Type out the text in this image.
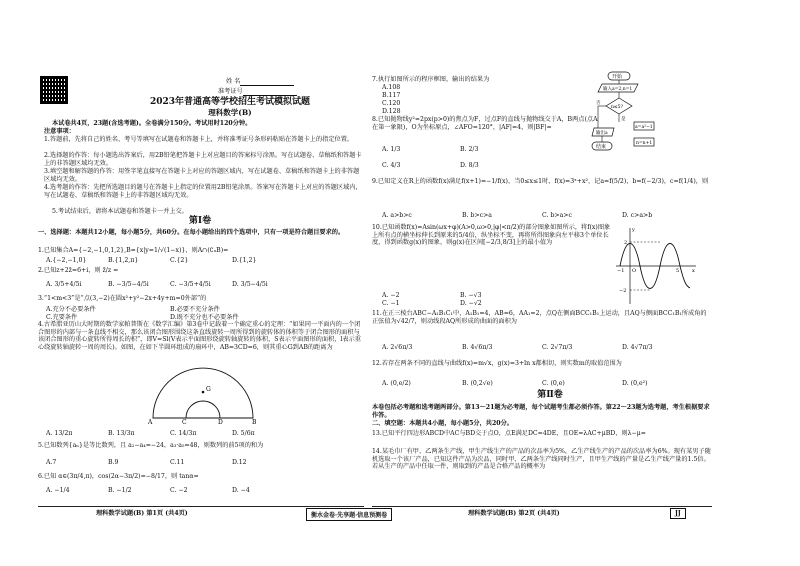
姓 名
准考证号
2023年普通高等学校招生考试模拟试题
理科数学(B)
本试卷共4页，23题(含选考题)。全卷满分150分。考试用时120分钟。
注意事项：
1.答题前，先将自己的姓名、考号等填写在试题卷和答题卡上，并将准考证号条形码粘贴在答题卡上的指定位置。
2.选择题的作答：每小题选出答案后，用2B铅笔把答题卡上对应题目的答案标号涂黑。写在试题卷、草稿纸和答题卡上的非答题区域均无效。
3.填空题和解答题的作答：用签字笔直接写在答题卡上对应的答题区域内，写在试题卷、草稿纸和答题卡上的非答题区域均无效。
4.选考题的作答：先把所选题目的题号在答题卡上指定的位置用2B铅笔涂黑。答案写在答题卡上对应的答题区域内，写在试题卷、草稿纸和答题卡上的非答题区域均无效。
5.考试结束后，请将本试题卷和答题卡一并上交。
第Ⅰ卷
一、选择题：本题共12小题，每小题5分，共60分。在每小题给出的四个选项中，只有一项是符合题目要求的。
1.已知集合A={−2,−1,0,1,2},B={x|y=1/√(1−x)}，则A∩(∁ᵤB)=
A.{−2,−1,0}	B.{1,2,π}	C.{2}	D.{1,2}
2.已知z+2z̄=6+i，则 z̄/z =
A. 3/5+4/5i	B. −3/5−4/5i	C. −3/5+4/5i	D. 3/5−4/5i
3.“1<m<3”是“点(3,−2)在圆x²+y²−2x+4y+m=0外部”的
A.充分不必要条件	B.必要不充分条件
C.充要条件	D.既不充分也不必要条件
4.古希腊亚历山大时期的数学家帕普斯在《数学汇编》第3卷中记载着一个确定重心的定理：“如果同一平面内的一个闭合图形的内部与一条直线不相交，那么该闭合图形围绕这条直线旋转一周所得到的旋转体的体积等于闭合图形的面积与该闭合图形的重心旋转所得周长的积”，即V=Sl(V表示平面图形绕旋转轴旋转的体积，S表示平面图形的面积，l表示重心绕旋转轴旋转一周的周长)。如图，在如下半圆环组成的扇环中，AB=3CD=6，则其重心G到AB的距离为
A	B
C	D
G
A. 13/2π	B. 13/3π	C. 14/3π	D. 5/6π
5.已知数列{aₙ}是等比数列，且 a₂−a₄=−24，a₃·a₅=48，则数列的前5项的和为
A.7	B.9	C.11	D.12
6.已知 α∈(3π/4,π)，cos(2α−3π/2)=−8/17，则 tanα=
A. −1/4	B. −1/2	C. −2	D. −4
理科数学试题(B) 第1页 (共4页)	衡水金卷·先享题·信息预测卷
7.执行如图所示的程序框图，输出的结果为
A.108
B.117
C.120
D.128
开始
输入a=2,n=1
n≤5?
否
是
a=a²−1
n=n+1
输出a
结束
8.已知抛物线y²=2px(p>0)的焦点为F，过点F的直线与抛物线交于A，B两点(点A在第一象限)，O为坐标原点，∠AFO=120°，|AF|=4，则|BF|=
A. 1/3	B. 2/3
C. 4/3	D. 8/3
9.已知定义在R上的函数f(x)满足f(x+1)=−1/f(x)，当0≤x≤1时，f(x)=3ˣ+x²，记a=f(5/2)，b=f(−2/3)，c=f(1/4)，则
A. a>b>c	B. b>c>a	C. b>a>c	D. c>a>b
10.已知函数f(x)=Asin(ωx+φ)(A>0,ω>0,|φ|<π/2)的部分图象如图所示，将f(x)图象上所有点的横坐标伸长到原来的5/4倍，纵坐标不变，再将所得图象向左平移3个单位长度，得到函数g(x)的图象，则g(x)在区间[−2/3,8/3]上的最小值为
A. −2	B. −√3
C. −1	D. −√2
2
−2
O
−1	5	x
y
11.在正三棱台ABC−A₁B₁C₁中，A₁B₁=4，AB=6，AA₁=2，点Q在侧面BCC₁B₁上运动，且AQ与侧面BCC₁B₁所成角的正弦值为√42/7，则动线段AQ所形成的曲面的面积为
A. 2√6π/3	B. 4√6π/3	C. 2√7π/3	D. 4√7π/3
12.若存在两条不同的直线与曲线f(x)=m√x，g(x)=3+ln x都相切，则实数m的取值范围为
A. (0,e/2)	B. (0,2√e)	C. (0,e)	D. (0,e²)
第Ⅱ卷
本卷包括必考题和选考题两部分。第13～21题为必考题，每个试题考生都必须作答。第22～23题为选考题，考生根据要求作答。
二、填空题：本题共4小题，每小题5分，共20分。
13.已知平行四边形ABCD中AC与BD交于点O，点E满足DC=4DE，且OE=λAC+μBD，则λ−μ=
14.某毛巾厂有甲、乙两条生产线，甲生产线生产的产品的次品率为5%，乙生产线生产的产品的次品率为6%。现有某男子随机选取一个该厂产品，已知这件产品为次品，同时甲、乙两条生产线同时生产，且甲生产线的产量是乙生产线产量的1.5倍。若从生产的产品中任取一件，则取到的产品是合格产品的概率为
理科数学试题(B) 第2页 (共4页)	JJ
